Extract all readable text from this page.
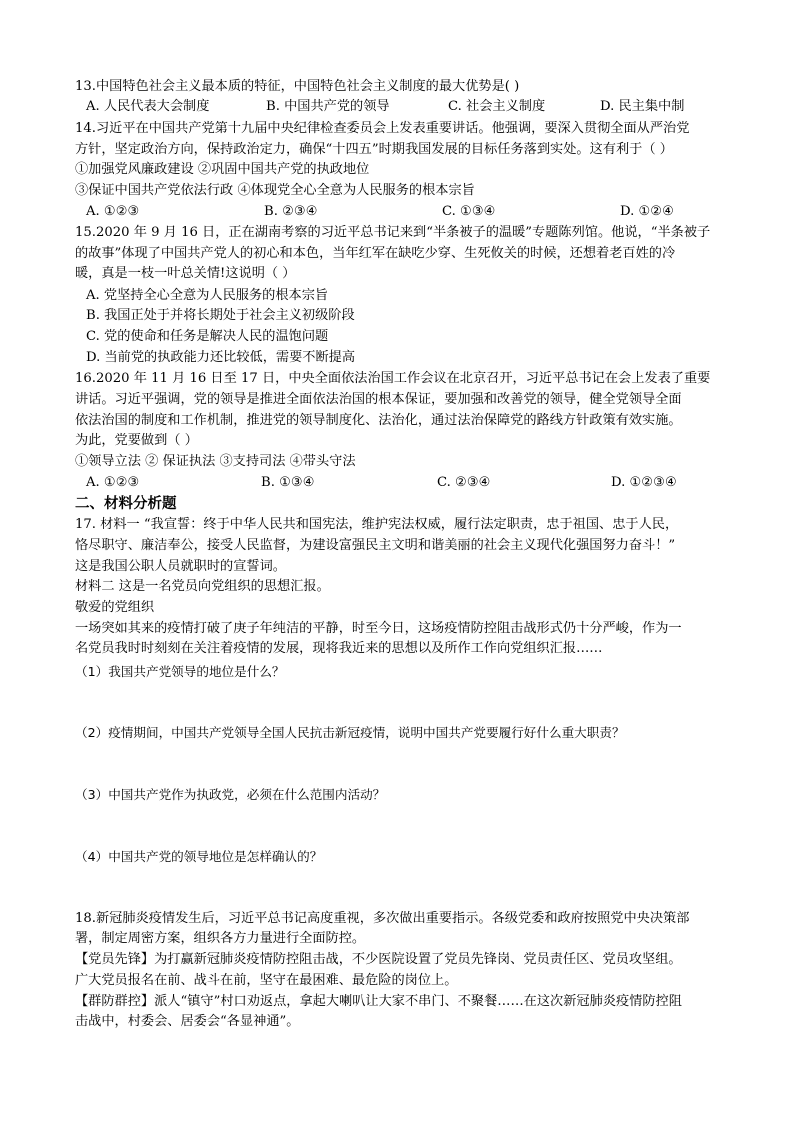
13.中国特色社会主义最本质的特征，中国特色社会主义制度的最大优势是( )
A. 人民代表大会制度	B. 中国共产党的领导	C. 社会主义制度	D. 民主集中制
14.习近平在中国共产党第十九届中央纪律检查委员会上发表重要讲话。他强调，要深入贯彻全面从严治党
方针，坚定政治方向，保持政治定力，确保“十四五”时期我国发展的目标任务落到实处。这有利于（ ）
①加强党风廉政建设 ②巩固中国共产党的执政地位
③保证中国共产党依法行政 ④体现党全心全意为人民服务的根本宗旨
A. ①②③	B. ②③④	C. ①③④	D. ①②④
15.2020 年 9 月 16 日，正在湖南考察的习近平总书记来到“半条被子的温暖”专题陈列馆。他说，“半条被子
的故事”体现了中国共产党人的初心和本色，当年红军在缺吃少穿、生死攸关的时候，还想着老百姓的冷
暖，真是一枝一叶总关情!这说明（ ）
A. 党坚持全心全意为人民服务的根本宗旨
B. 我国正处于并将长期处于社会主义初级阶段
C. 党的使命和任务是解决人民的温饱问题
D. 当前党的执政能力还比较低，需要不断提高
16.2020 年 11 月 16 日至 17 日，中央全面依法治国工作会议在北京召开，习近平总书记在会上发表了重要
讲话。习近平强调，党的领导是推进全面依法治国的根本保证，要加强和改善党的领导，健全党领导全面
依法治国的制度和工作机制，推进党的领导制度化、法治化，通过法治保障党的路线方针政策有效实施。
为此，党要做到（ ）
①领导立法 ② 保证执法 ③支持司法 ④带头守法
A. ①②③	B. ①③④	C. ②③④	D. ①②③④
二、材料分析题
17. 材料一 “我宣誓：终于中华人民共和国宪法，维护宪法权威，履行法定职责，忠于祖国、忠于人民，
恪尽职守、廉洁奉公，接受人民监督，为建设富强民主文明和谐美丽的社会主义现代化强国努力奋斗！”
这是我国公职人员就职时的宣誓词。
材料二 这是一名党员向党组织的思想汇报。
敬爱的党组织
一场突如其来的疫情打破了庚子年纯洁的平静，时至今日，这场疫情防控阻击战形式仍十分严峻，作为一
名党员我时时刻刻在关注着疫情的发展，现将我近来的思想以及所作工作向党组织汇报……
（1）我国共产党领导的地位是什么？
（2）疫情期间，中国共产党领导全国人民抗击新冠疫情，说明中国共产党要履行好什么重大职责？
（3）中国共产党作为执政党，必须在什么范围内活动？
（4）中国共产党的领导地位是怎样确认的？
18.新冠肺炎疫情发生后，习近平总书记高度重视，多次做出重要指示。各级党委和政府按照党中央决策部
署，制定周密方案，组织各方力量进行全面防控。
【党员先锋】为打赢新冠肺炎疫情防控阻击战，不少医院设置了党员先锋岗、党员责任区、党员攻坚组。
广大党员报名在前、战斗在前，坚守在最困难、最危险的岗位上。
【群防群控】派人“镇守”村口劝返点，拿起大喇叭让大家不串门、不聚餐……在这次新冠肺炎疫情防控阻
击战中，村委会、居委会“各显神通”。
